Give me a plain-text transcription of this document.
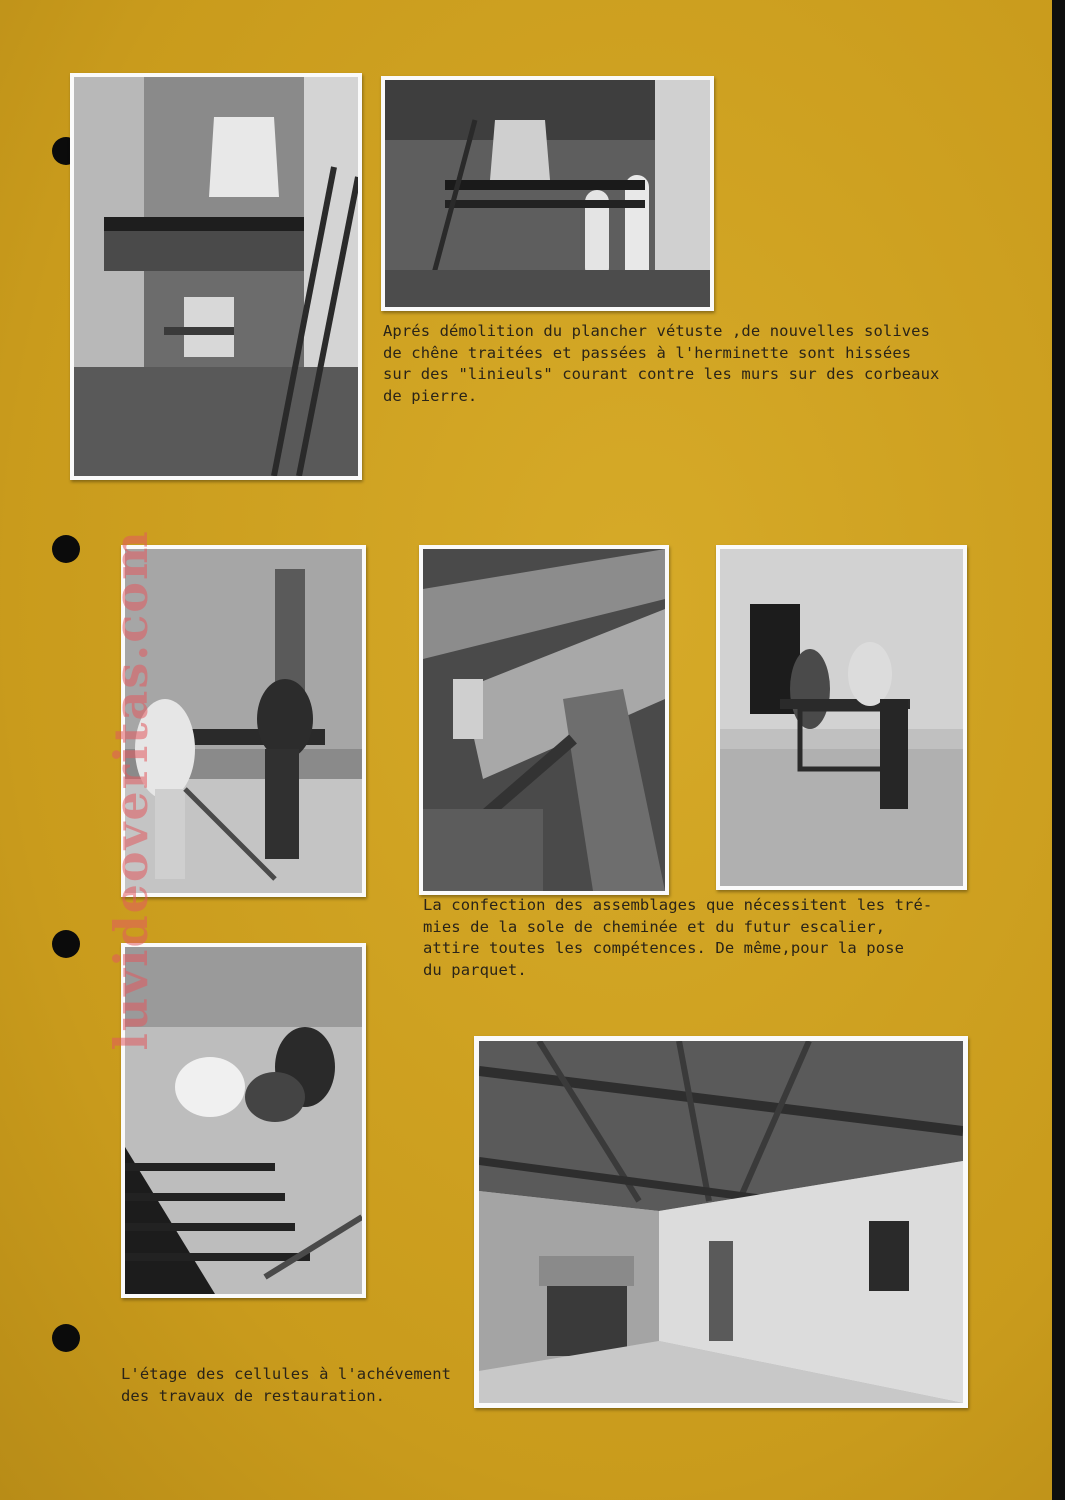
Aprés démolition du plancher vétuste ,de nouvelles solives
de chêne traitées et passées à l'herminette sont hissées
sur des "linieuls" courant contre les murs sur des corbeaux
de pierre.
La confection des assemblages que nécessitent les tré-
mies de la sole de cheminée et du futur escalier,
attire toutes les compétences. De même,pour la pose
du parquet.
L'étage des cellules à l'achévement
des travaux de restauration.
luvideoveritas.com
